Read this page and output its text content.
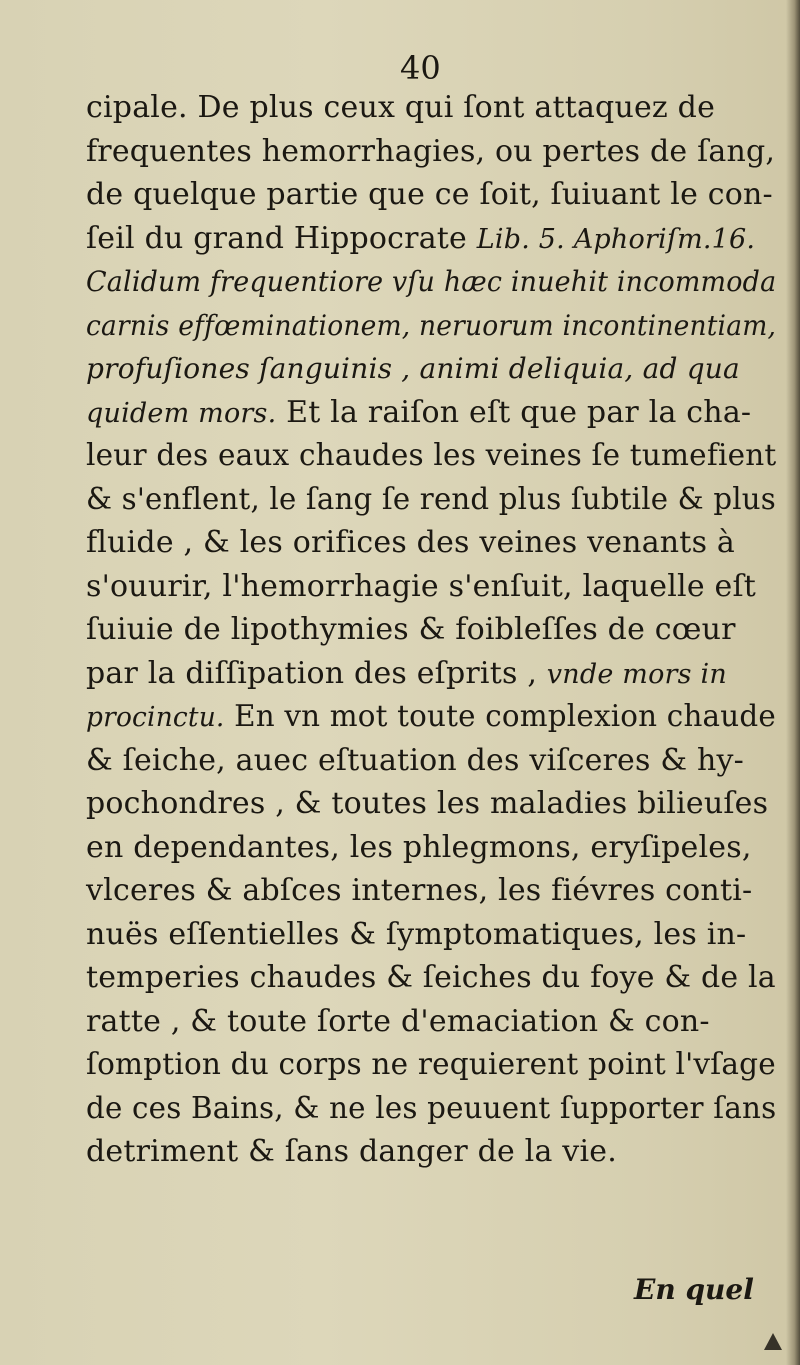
40
cipale. De plus ceux qui ſont attaquez de
frequentes hemorrhagies, ou pertes de ſang,
de quelque partie que ce ſoit, ſuiuant le con-
ſeil du grand Hippocrate Lib. 5. Aphoriſm.16.
Calidum frequentiore vſu hæc inuehit incommoda
carnis effœminationem, neruorum incontinentiam,
profuſiones ſanguinis , animi deliquia, ad qua
quidem mors. Et la raiſon eſt que par la cha-
leur des eaux chaudes les veines ſe tumefient
& s'enflent, le ſang ſe rend plus ſubtile & plus
fluide , & les orifices des veines venants à
s'ouurir, l'hemorrhagie s'enſuit, laquelle eſt
ſuiuie de lipothymies & foibleſſes de cœur
par la diſſipation des eſprits , vnde mors in
procinctu. En vn mot toute complexion chaude
& ſeiche, auec eſtuation des viſceres & hy-
pochondres , & toutes les maladies bilieuſes
en dependantes, les phlegmons, eryſipeles,
vlceres & abſces internes, les fiévres conti-
nuës eſſentielles & ſymptomatiques, les in-
temperies chaudes & ſeiches du foye & de la
ratte , & toute ſorte d'emaciation & con-
ſomption du corps ne requierent point l'vſage
de ces Bains, & ne les peuuent ſupporter ſans
detriment & ſans danger de la vie.
En quel
